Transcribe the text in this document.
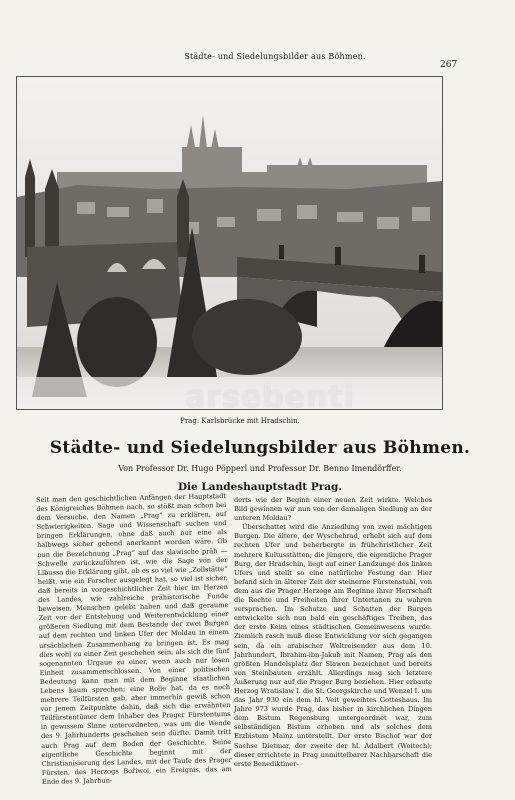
Städte- und Siedelungsbilder aus Böhmen.
267
arsebenti
Prag: Karlsbrücke mit Hradschin.
Städte- und Siedelungsbilder aus Böhmen.
Von Professor Dr. Hugo Pöpperl und Professor Dr. Benno Imendörffer.
Die Landeshauptstadt Prag.

Seit man den geschichtlichen Anfängen der Hauptstadt des Königreiches Böhmen nach, so stößt man schon bei dem Versuche, den Namen „Prag“ zu erklären, auf Schwierigkeiten. Sage und Wissenschaft suchen und bringen Erklärungen, ohne daß auch nur eine als halbwegs sicher gehend anerkannt worden wäre. Ob nun die Bezeichnung „Prag“ auf das slawische präh — Schwelle zurückzuführen ist, wie die Sage von der Libussa die Erklärung gibt, ob es so viel wie „Zollstätte“ heißt, wie ein Forscher ausgelegt hat, so viel ist sicher, daß bereits in vorgeschichtlicher Zeit hier im Herzen des Landes, wie zahlreiche prähistorische Funde beweisen, Menschen gelebt haben und daß geraume Zeit vor der Entstehung und Weiterentwicklung einer größeren Siedlung mit dem Bestande der zwei Burgen auf dem rechten und linken Ufer der Moldau in einem ursächlichen Zusammenhang zu bringen ist. Es mag dies wohl zu einer Zeit geschehen sein, als sich die fünf sogenannten Urgaue zu einer, wenn auch nur losen Einheit zusammenschlossen. Von einer politischen Bedeutung kann man mit dem Beginne staatlichen Lebens kaum sprechen; eine Rolle hat, da es noch mehrere Teilfürsten gab, aber immerhin gewiß schon vor jenem Zeitpunkte dahin, daß sich die erwähnten Teilfürstentümer dem Inhaber des Prager Fürstentums in gewissem Sinne unterordneten, was um die Wende des 9. Jahrhunderts geschehen sein dürfte. Damit tritt auch Prag auf dem Boden der Geschichte. Seine eigentliche Geschichte beginnt mit der Christianisierung des Landes, mit der Taufe des Prager Fürsten, des Herzogs Bořiwoi, ein Ereignis, das am Ende des 9. Jahrhun-

derts wie der Beginn einer neuen Zeit wirkte. Welches Bild gewinnen wir nun von der damaligen Siedlung an der unteren Moldau?

Überschattet wird die Anziedlung von zwei mächtigen Burgen. Die ältere, der Wyschehrad, erhebt sich auf dem rechten Ufer und beherbergte in frühchristlicher Zeit mehrere Kultusstätten; die jüngere, die eigentliche Prager Burg, der Hradschin, liegt auf einer Landzunge des linken Ufers und stellt so eine natürliche Festung dar. Hier befand sich in älterer Zeit der steinerne Fürstenstuhl, von dem aus die Prager Herzoge am Beginne ihrer Herrschaft die Rechte und Freiheiten ihrer Untertanen zu wahren versprachen. Im Schutze und Schatten der Burgen entwickelte sich nun bald ein geschäftiges Treiben, das der erste Keim eines städtischen Gemeinwesens wurde. Ziemlich rasch muß diese Entwicklung vor sich gegangen sein, da ein arabischer Weltreisender aus dem 10. Jahrhundert, Ibrahim-ibn-Jakub mit Namen, Prag als den größten Handelsplatz der Slawen bezeichnet und bereits von Steinbauten erzählt. Allerdings mag sich letztere Äußerung nur auf die Prager Burg beziehen. Hier erbaute Herzog Wratislaw I. die St. Georgskirche und Wenzel I. um das Jahr 930 ein dem hl. Veit geweihtes Gotteshaus. Im Jahre 973 wurde Prag, das bisher in kirchlichen Dingen dem Bistum Regensburg untergeordnet war, zum selbständigen Bistum erhoben und als solches dem Erzbistum Mainz unterstellt. Der erste Bischof war der Sachse Dietmar, der zweite der hl. Adalbert (Woitech); dieser errichtete in Prag unmittelbarer Nachbarschaft die erste Benediktiner-
